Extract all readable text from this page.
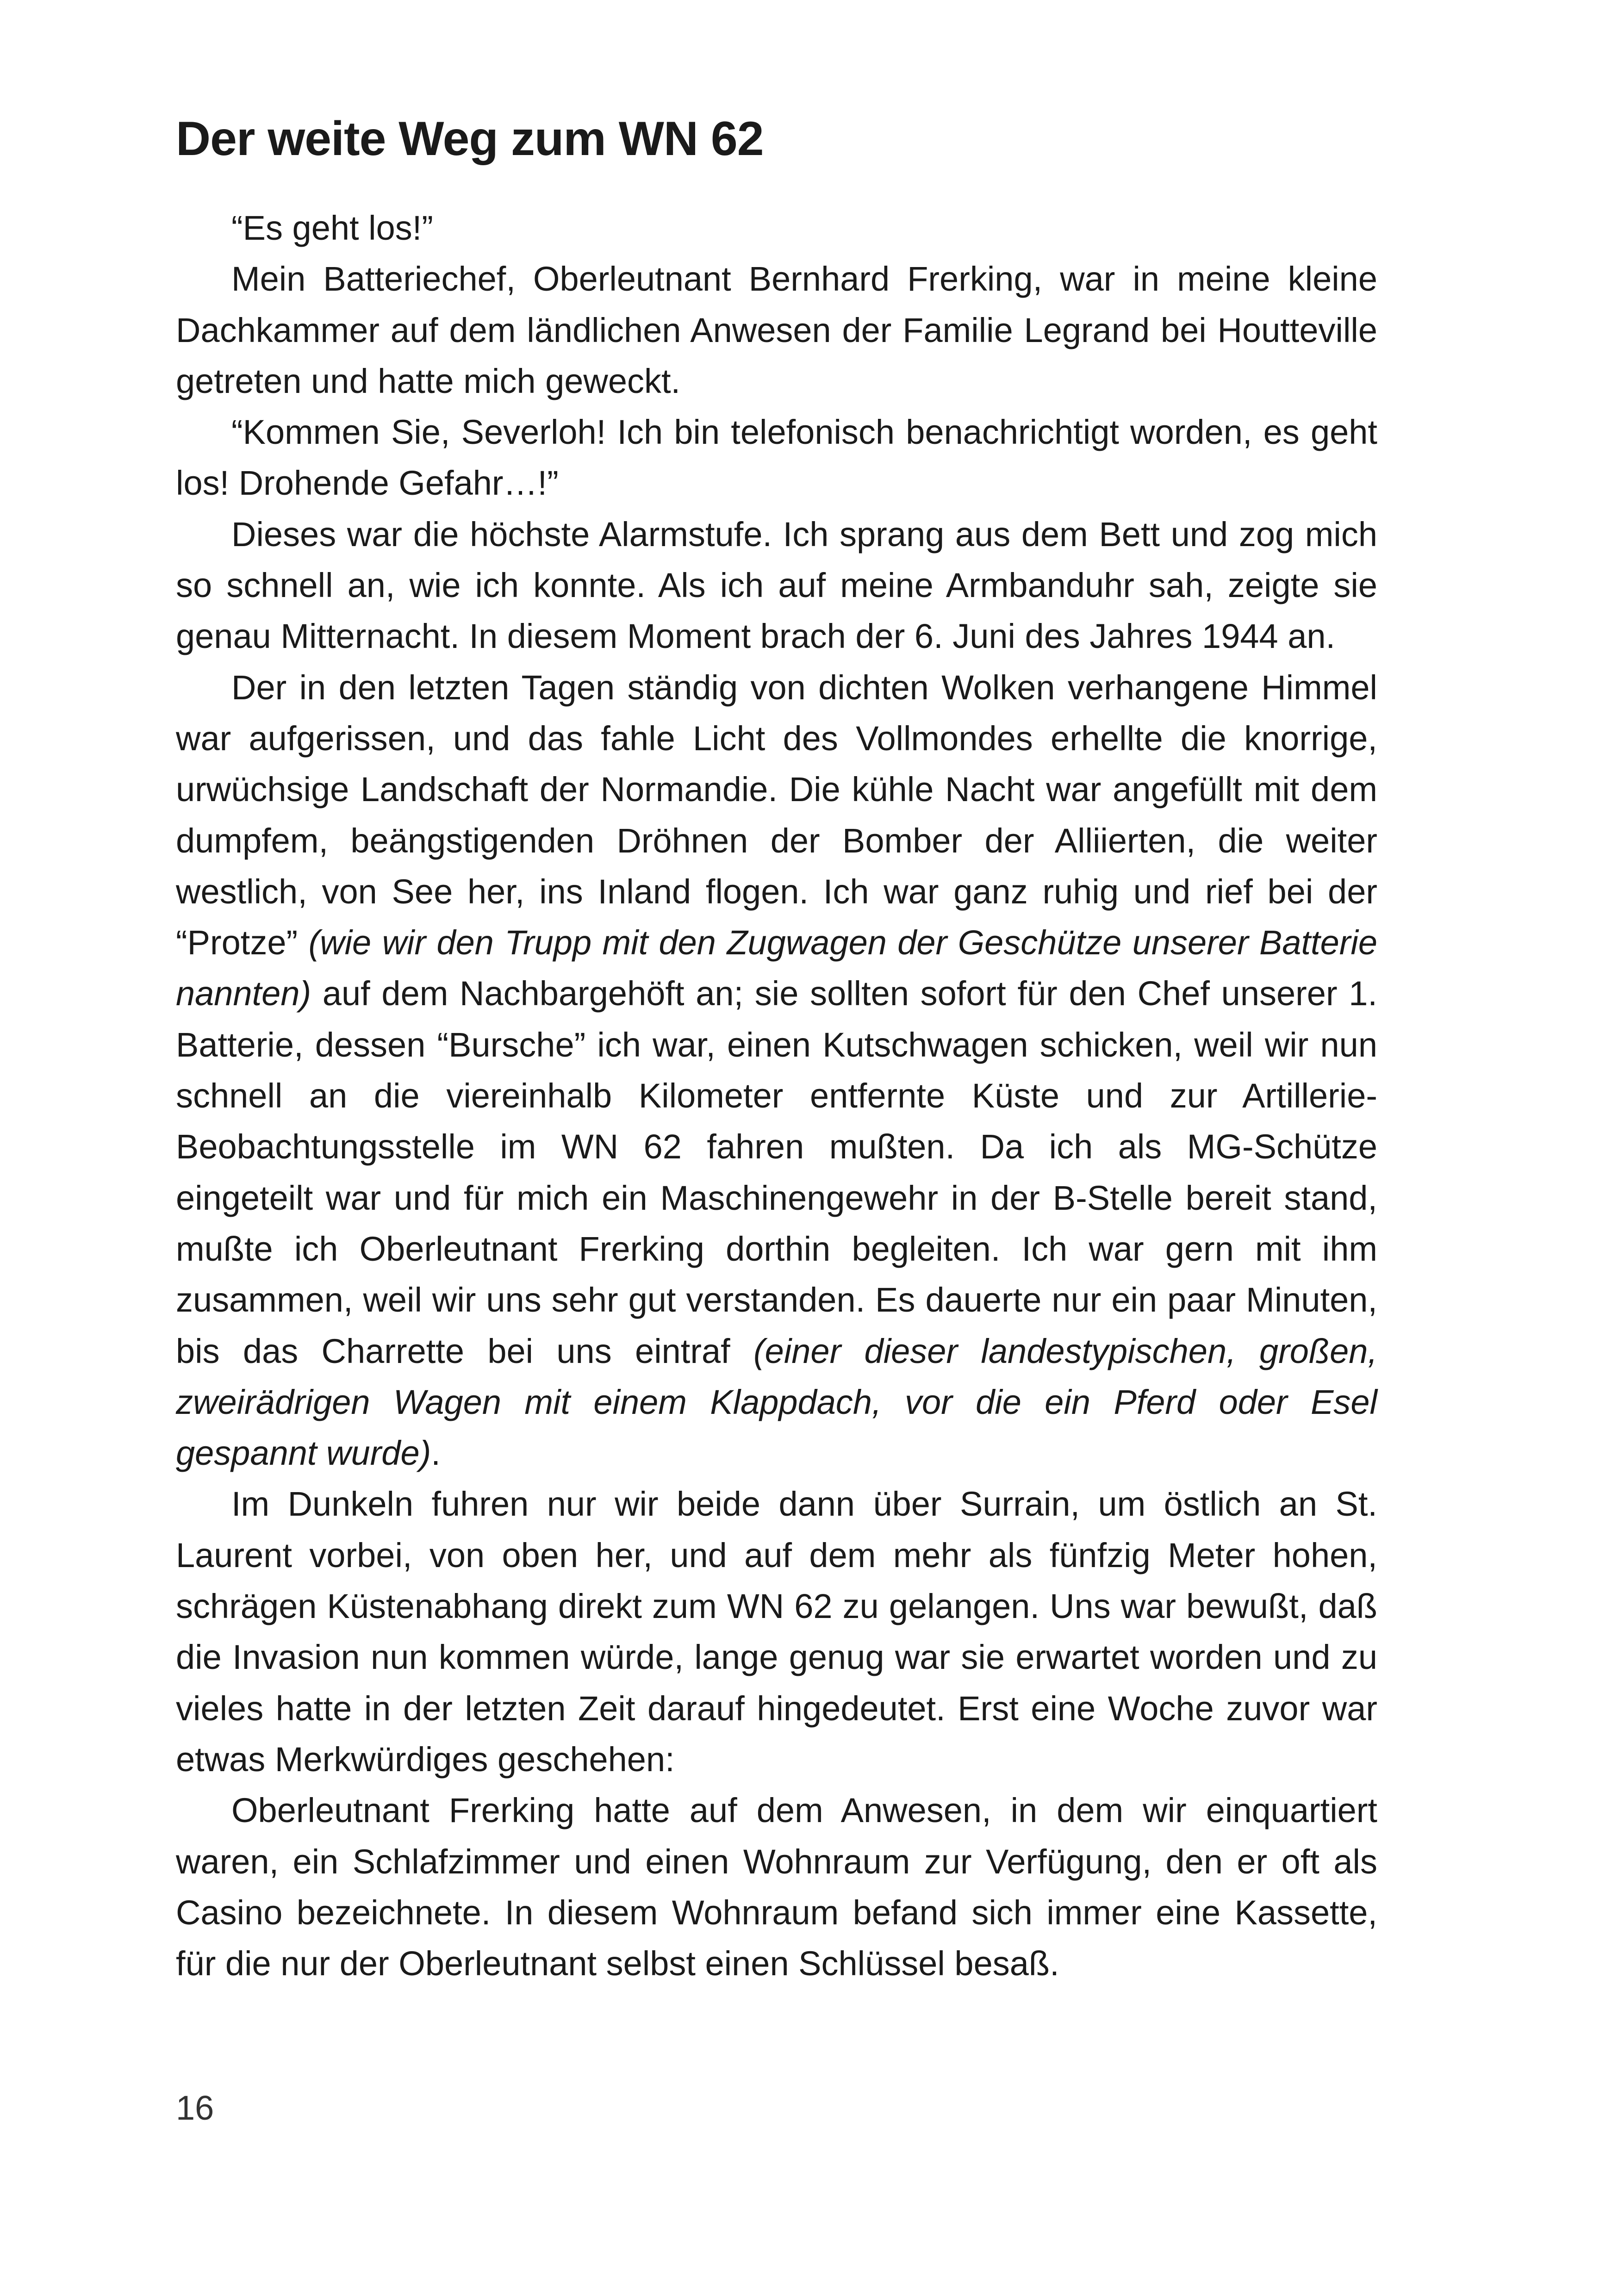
Der weite Weg zum WN 62

“Es geht los!”

Mein Batteriechef, Oberleutnant Bernhard Frerking, war in meine kleine Dachkammer auf dem ländlichen Anwesen der Familie Legrand bei Houtteville getreten und hatte mich geweckt.

“Kommen Sie, Severloh! Ich bin telefonisch benachrichtigt worden, es geht los! Drohende Gefahr…!”

Dieses war die höchste Alarmstufe. Ich sprang aus dem Bett und zog mich so schnell an, wie ich konnte. Als ich auf meine Armbanduhr sah, zeigte sie genau Mitternacht. In diesem Moment brach der 6. Juni des Jahres 1944 an.

Der in den letzten Tagen ständig von dichten Wolken verhangene Himmel war aufgerissen, und das fahle Licht des Vollmondes erhellte die knorrige, urwüchsige Landschaft der Normandie. Die kühle Nacht war angefüllt mit dem dumpfem, beängstigenden Dröhnen der Bomber der Alliierten, die weiter westlich, von See her, ins Inland flogen. Ich war ganz ruhig und rief bei der “Protze” (wie wir den Trupp mit den Zugwagen der Geschütze unserer Batterie nannten) auf dem Nachbargehöft an; sie sollten sofort für den Chef unserer 1. Batterie, dessen “Bursche” ich war, einen Kutschwagen schicken, weil wir nun schnell an die viereinhalb Kilometer entfernte Küste und zur Artillerie-Beobachtungsstelle im WN 62 fahren mußten. Da ich als MG-Schütze eingeteilt war und für mich ein Maschinengewehr in der B-Stelle bereit stand, mußte ich Oberleutnant Frerking dorthin begleiten. Ich war gern mit ihm zusammen, weil wir uns sehr gut verstanden. Es dauerte nur ein paar Minuten, bis das Charrette bei uns eintraf (einer dieser landestypischen, großen, zweirädrigen Wagen mit einem Klappdach, vor die ein Pferd oder Esel gespannt wurde).

Im Dunkeln fuhren nur wir beide dann über Surrain, um östlich an St. Laurent vorbei, von oben her, und auf dem mehr als fünfzig Meter hohen, schrägen Küstenabhang direkt zum WN 62 zu gelangen. Uns war bewußt, daß die Invasion nun kommen würde, lange genug war sie erwartet worden und zu vieles hatte in der letzten Zeit darauf hingedeutet. Erst eine Woche zuvor war etwas Merkwürdiges geschehen:

Oberleutnant Frerking hatte auf dem Anwesen, in dem wir einquartiert waren, ein Schlafzimmer und einen Wohnraum zur Verfügung, den er oft als Casino bezeichnete. In diesem Wohnraum befand sich immer eine Kassette, für die nur der Oberleutnant selbst einen Schlüssel besaß.

16
